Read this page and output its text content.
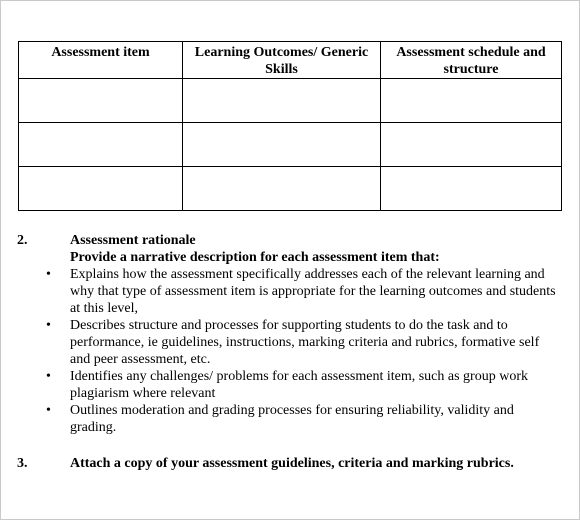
Assessment item	Learning Outcomes/ Generic Skills	Assessment schedule and structure

2.	Assessment rationale
Provide a narrative description for each assessment item that:
• Explains how the assessment specifically addresses each of the relevant learning and why that type of assessment item is appropriate for the learning outcomes and students at this level,
• Describes structure and processes for supporting students to do the task and to performance, ie guidelines, instructions, marking criteria and rubrics, formative self and peer assessment, etc.
• Identifies any challenges/ problems for each assessment item, such as group work plagiarism where relevant
• Outlines moderation and grading processes for ensuring reliability, validity and grading.
3.	Attach a copy of your assessment guidelines, criteria and marking rubrics.
